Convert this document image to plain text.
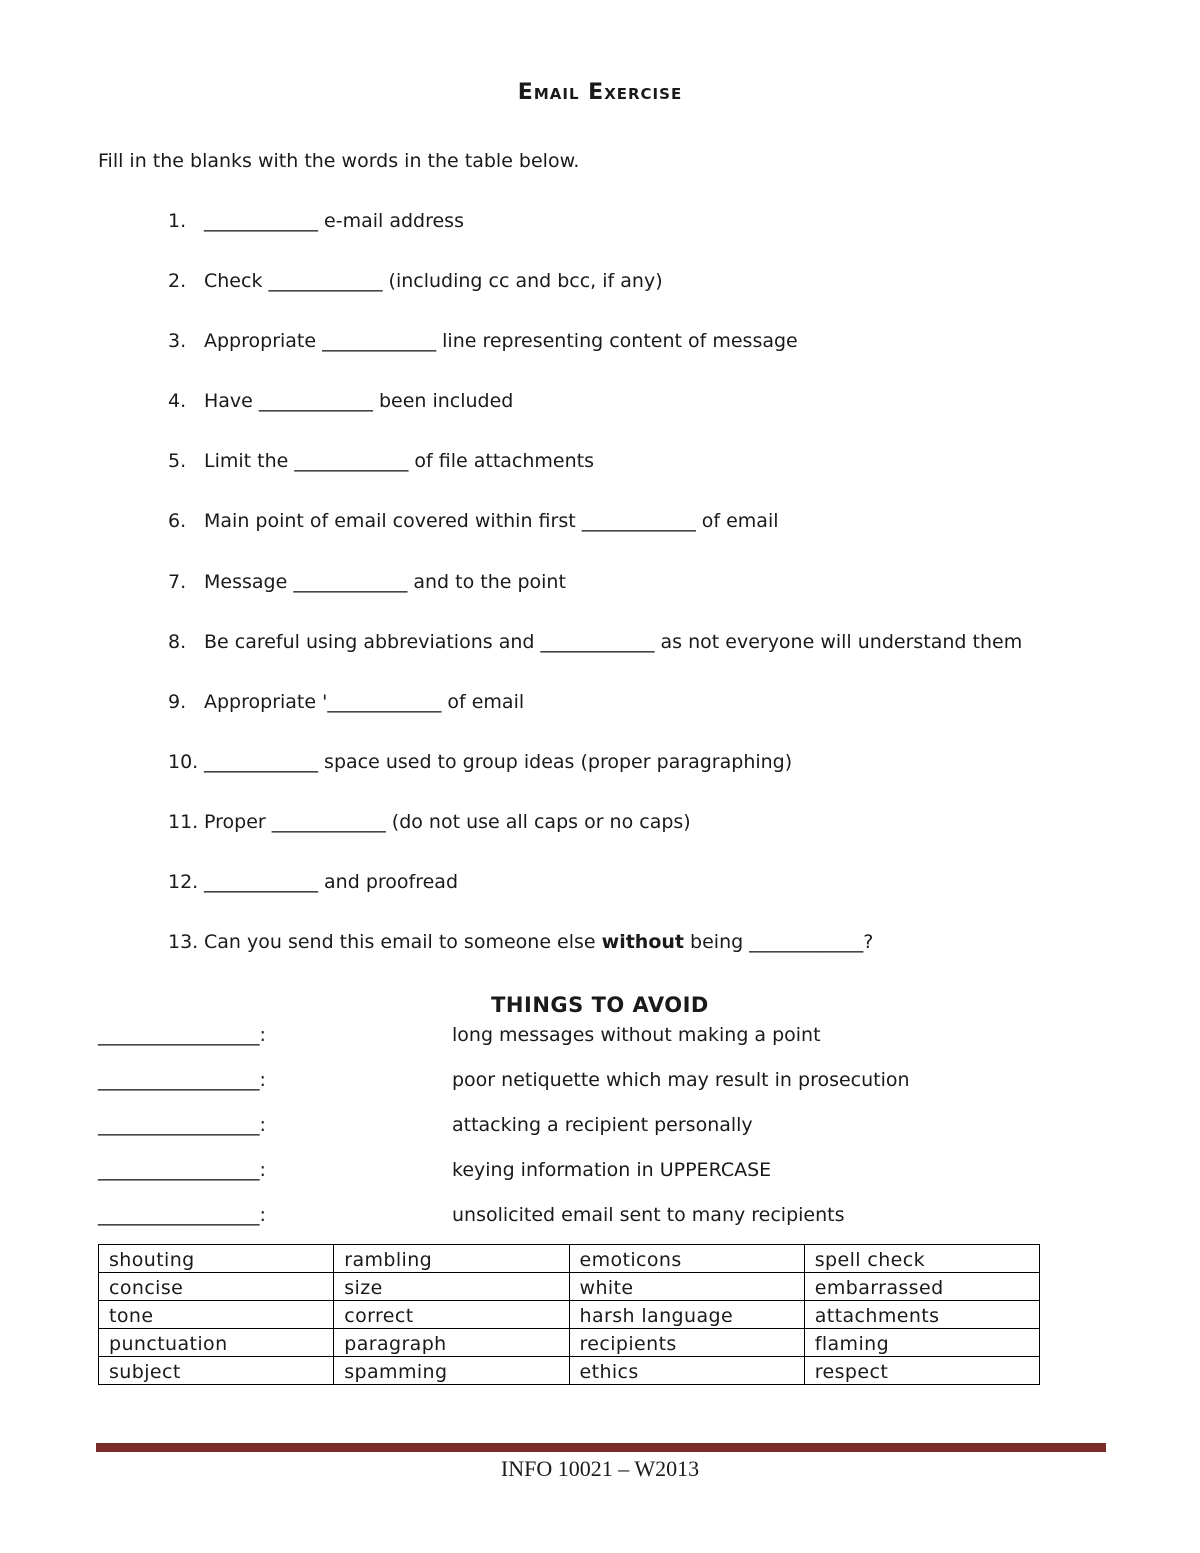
Email Exercise
Fill in the blanks with the words in the table below.
1. ____________ e-mail address
2. Check ____________ (including cc and bcc, if any)
3. Appropriate ____________ line representing content of message
4. Have ____________ been included
5. Limit the ____________ of file attachments
6. Main point of email covered within first ____________ of email
7. Message ____________ and to the point
8. Be careful using abbreviations and ____________ as not everyone will understand them
9. Appropriate '____________ of email
10. ____________ space used to group ideas (proper paragraphing)
11. Proper ____________ (do not use all caps or no caps)
12. ____________ and proofread
13. Can you send this email to someone else without being ____________?
THINGS TO AVOID
_________________:	long messages without making a point
_________________:	poor netiquette which may result in prosecution
_________________:	attacking a recipient personally
_________________:	keying information in UPPERCASE
_________________:	unsolicited email sent to many recipients
shouting	rambling	emoticons	spell check
concise	size	white	embarrassed
tone	correct	harsh language	attachments
punctuation	paragraph	recipients	flaming
subject	spamming	ethics	respect
INFO 10021 – W2013
